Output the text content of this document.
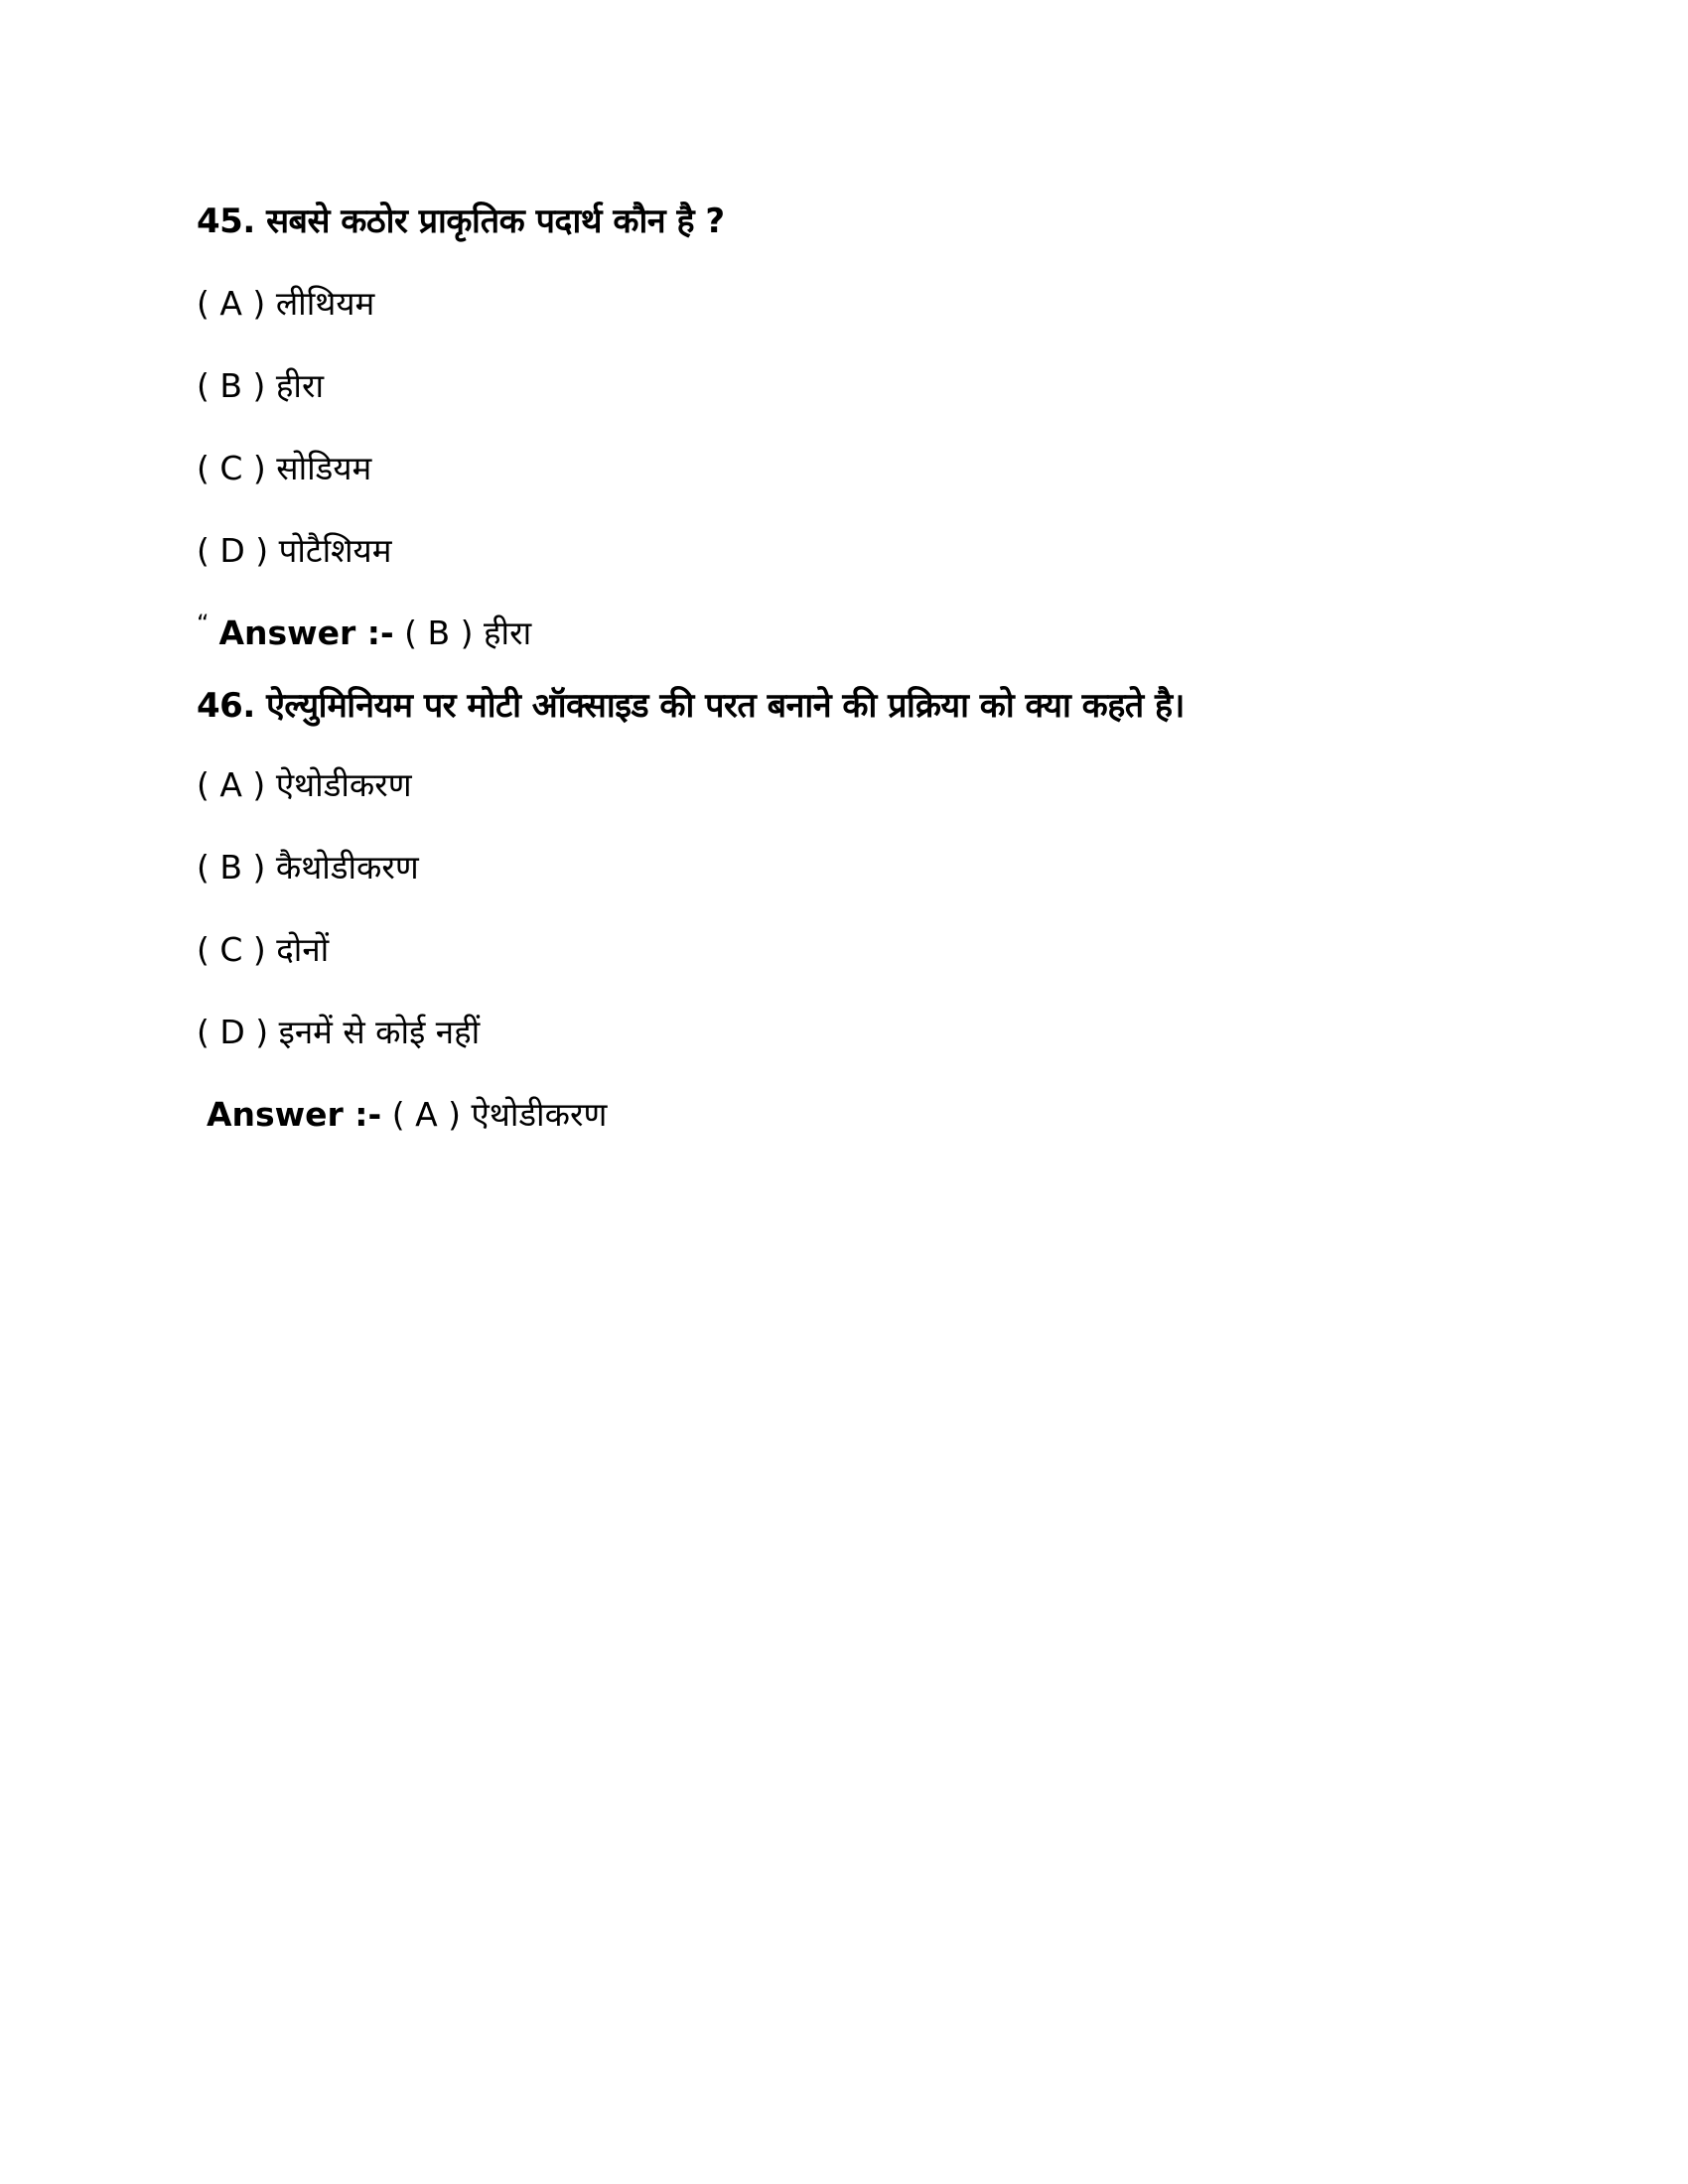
45. सबसे कठोर प्राकृतिक पदार्थ कौन है ?
( A ) लीथियम
( B ) हीरा
( C ) सोडियम
( D ) पोटैशियम
“ Answer :- ( B ) हीरा
46. ऐल्युमिनियम पर मोटी ऑक्साइड की परत बनाने की प्रक्रिया को क्या कहते है।
( A ) ऐथोडीकरण
( B ) कैथोडीकरण
( C ) दोनों
( D ) इनमें से कोई नहीं
Answer :- ( A ) ऐथोडीकरण
